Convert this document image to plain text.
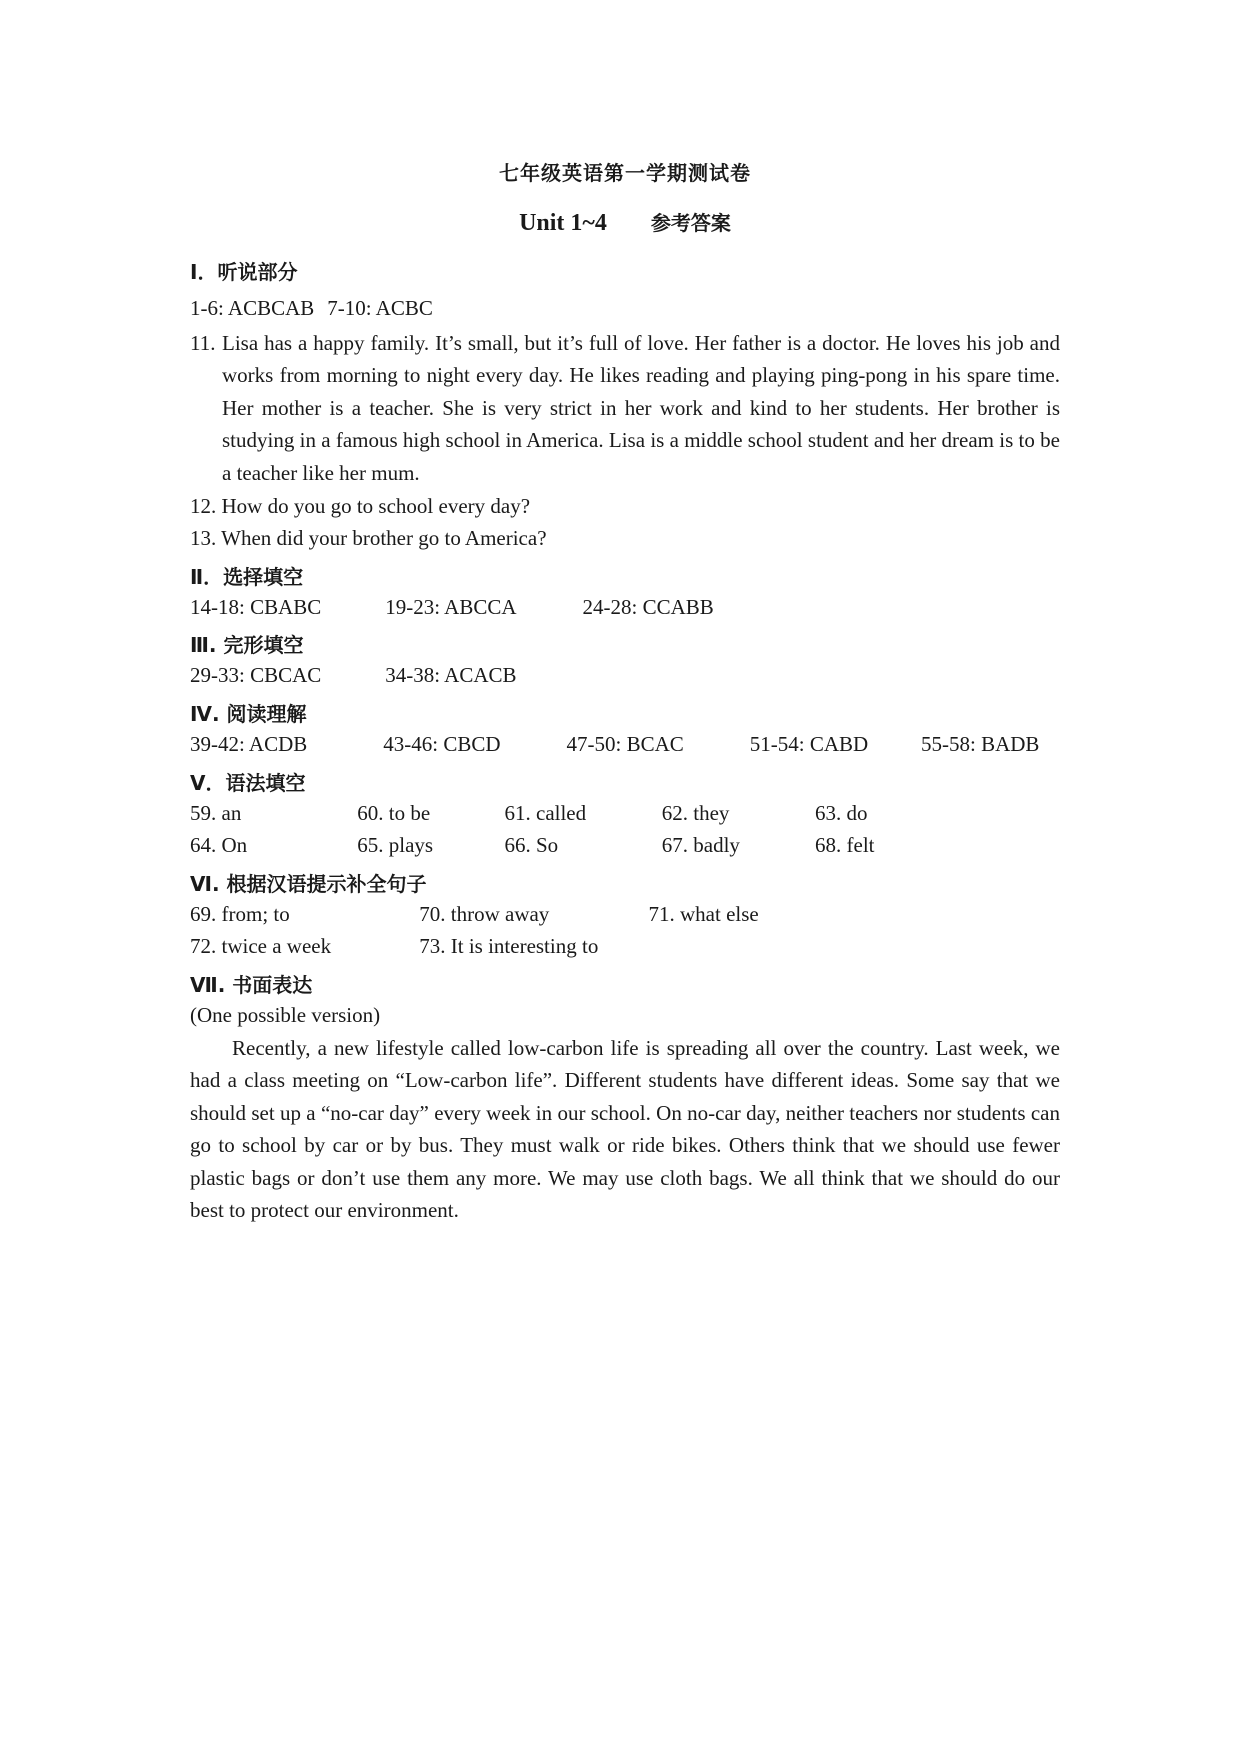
七年级英语第一学期测试卷

Unit 1~4 参考答案

Ⅰ．听说部分

1-6: ACBCAB 7-10: ACBC
11. Lisa has a happy family. It’s small, but it’s full of love. Her father is a doctor. He loves his job and works from morning to night every day. He likes reading and playing ping-pong in his spare time. Her mother is a teacher. She is very strict in her work and kind to her students. Her brother is studying in a famous high school in America. Lisa is a middle school student and her dream is to be a teacher like her mum.
12. How do you go to school every day?
13. When did your brother go to America?

Ⅱ．选择填空

14-18: CBABC	19-23: ABCCA	24-28: CCABB

Ⅲ. 完形填空

29-33: CBCAC	34-38: ACACB

Ⅳ. 阅读理解

39-42: ACDB	43-46: CBCD	47-50: BCAC	51-54: CABD	55-58: BADB

Ⅴ．语法填空

59. an	60. to be	61. called	62. they	63. do
64. On	65. plays	66. So	67. badly	68. felt

Ⅵ. 根据汉语提示补全句子

69. from; to	70. throw away	71. what else
72. twice a week	73. It is interesting to

Ⅶ. 书面表达

(One possible version)
Recently, a new lifestyle called low-carbon life is spreading all over the country. Last week, we had a class meeting on “Low-carbon life”. Different students have different ideas. Some say that we should set up a “no-car day” every week in our school. On no-car day, neither teachers nor students can go to school by car or by bus. They must walk or ride bikes. Others think that we should use fewer plastic bags or don’t use them any more. We may use cloth bags. We all think that we should do our best to protect our environment.
